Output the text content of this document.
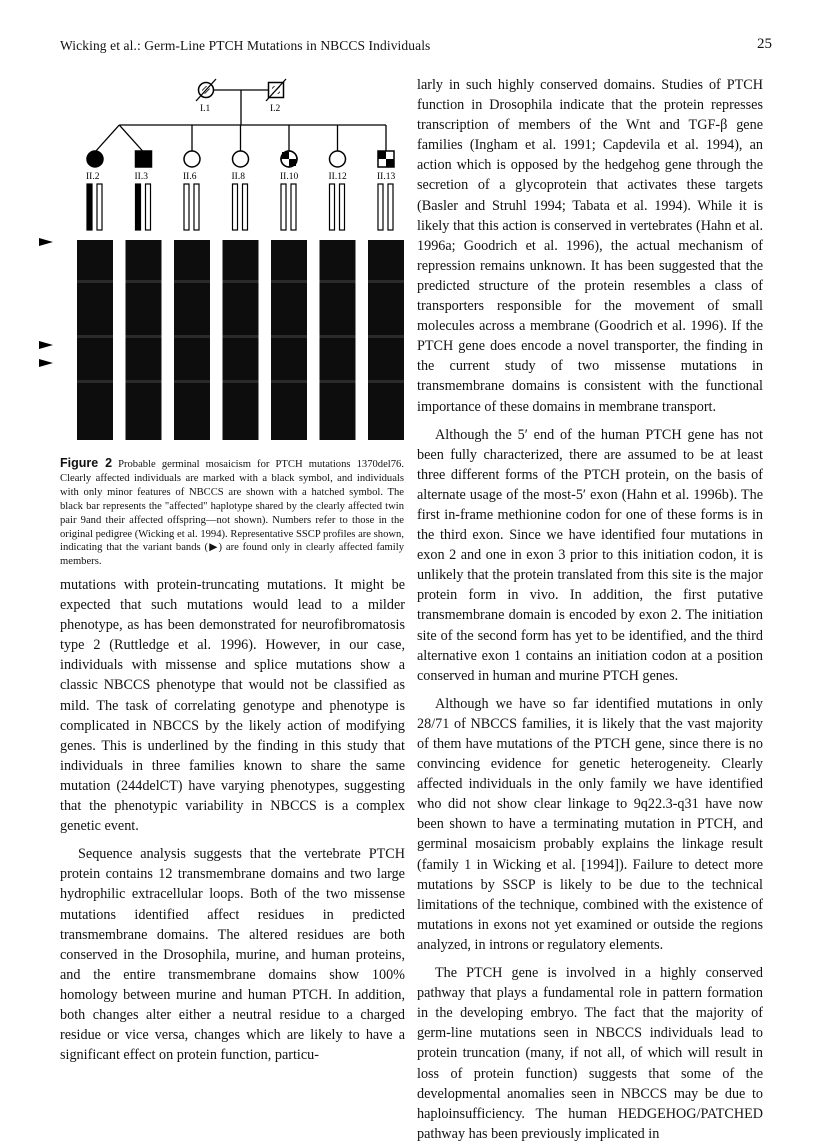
Wicking et al.: Germ-Line PTCH Mutations in NBCCS Individuals	25
I.1	I.2
II.2	II.3	II.6	II.8	II.10	II.12	II.13
Figure 2 Probable germinal mosaicism for PTCH mutations 1370del76. Clearly affected individuals are marked with a black symbol, and individuals with only minor features of NBCCS are shown with a hatched symbol. The black bar represents the "affected" haplotype shared by the clearly affected twin pair 9and their affected offspring—not shown). Numbers refer to those in the original pedigree (Wicking et al. 1994). Representative SSCP profiles are shown, indicating that the variant bands (▶) are found only in clearly affected family members.

mutations with protein-truncating mutations. It might be expected that such mutations would lead to a milder phenotype, as has been demonstrated for neurofibromatosis type 2 (Ruttledge et al. 1996). However, in our case, individuals with missense and splice mutations show a classic NBCCS phenotype that would not be classified as mild. The task of correlating genotype and phenotype is complicated in NBCCS by the likely action of modifying genes. This is underlined by the finding in this study that individuals in three families known to share the same mutation (244delCT) have varying phenotypes, suggesting that the phenotypic variability in NBCCS is a complex genetic event.

Sequence analysis suggests that the vertebrate PTCH protein contains 12 transmembrane domains and two large hydrophilic extracellular loops. Both of the two missense mutations identified affect residues in predicted transmembrane domains. The altered residues are both conserved in the Drosophila, murine, and human proteins, and the entire transmembrane domains show 100% homology between murine and human PTCH. In addition, both changes alter either a neutral residue to a charged residue or vice versa, changes which are likely to have a significant effect on protein function, particu-

larly in such highly conserved domains. Studies of PTCH function in Drosophila indicate that the protein represses transcription of members of the Wnt and TGF-β gene families (Ingham et al. 1991; Capdevila et al. 1994), an action which is opposed by the hedgehog gene through the secretion of a glycoprotein that activates these targets (Basler and Struhl 1994; Tabata et al. 1994). While it is likely that this action is conserved in vertebrates (Hahn et al. 1996a; Goodrich et al. 1996), the actual mechanism of repression remains unknown. It has been suggested that the predicted structure of the protein resembles a class of transporters responsible for the movement of small molecules across a membrane (Goodrich et al. 1996). If the PTCH gene does encode a novel transporter, the finding in the current study of two missense mutations in transmembrane domains is consistent with the functional importance of these domains in membrane transport.

Although the 5′ end of the human PTCH gene has not been fully characterized, there are assumed to be at least three different forms of the PTCH protein, on the basis of alternate usage of the most-5′ exon (Hahn et al. 1996b). The first in-frame methionine codon for one of these forms is in the third exon. Since we have identified four mutations in exon 2 and one in exon 3 prior to this initiation codon, it is unlikely that the protein translated from this site is the major protein form in vivo. In addition, the first putative transmembrane domain is encoded by exon 2. The initiation site of the second form has yet to be identified, and the third alternative exon 1 contains an initiation codon at a position conserved in human and murine PTCH genes.

Although we have so far identified mutations in only 28/71 of NBCCS families, it is likely that the vast majority of them have mutations of the PTCH gene, since there is no convincing evidence for genetic heterogeneity. Clearly affected individuals in the only family we have identified who did not show clear linkage to 9q22.3-q31 have now been shown to have a terminating mutation in PTCH, and germinal mosaicism probably explains the linkage result (family 1 in Wicking et al. [1994]). Failure to detect more mutations by SSCP is likely to be due to the technical limitations of the technique, combined with the existence of mutations in exons not yet examined or outside the regions analyzed, in introns or regulatory elements.

The PTCH gene is involved in a highly conserved pathway that plays a fundamental role in pattern formation in the developing embryo. The fact that the majority of germ-line mutations seen in NBCCS individuals lead to protein truncation (many, if not all, of which will result in loss of protein function) suggests that some of the developmental anomalies seen in NBCCS may be due to haploinsufficiency. The human HEDGEHOG/PATCHED pathway has been previously implicated in
